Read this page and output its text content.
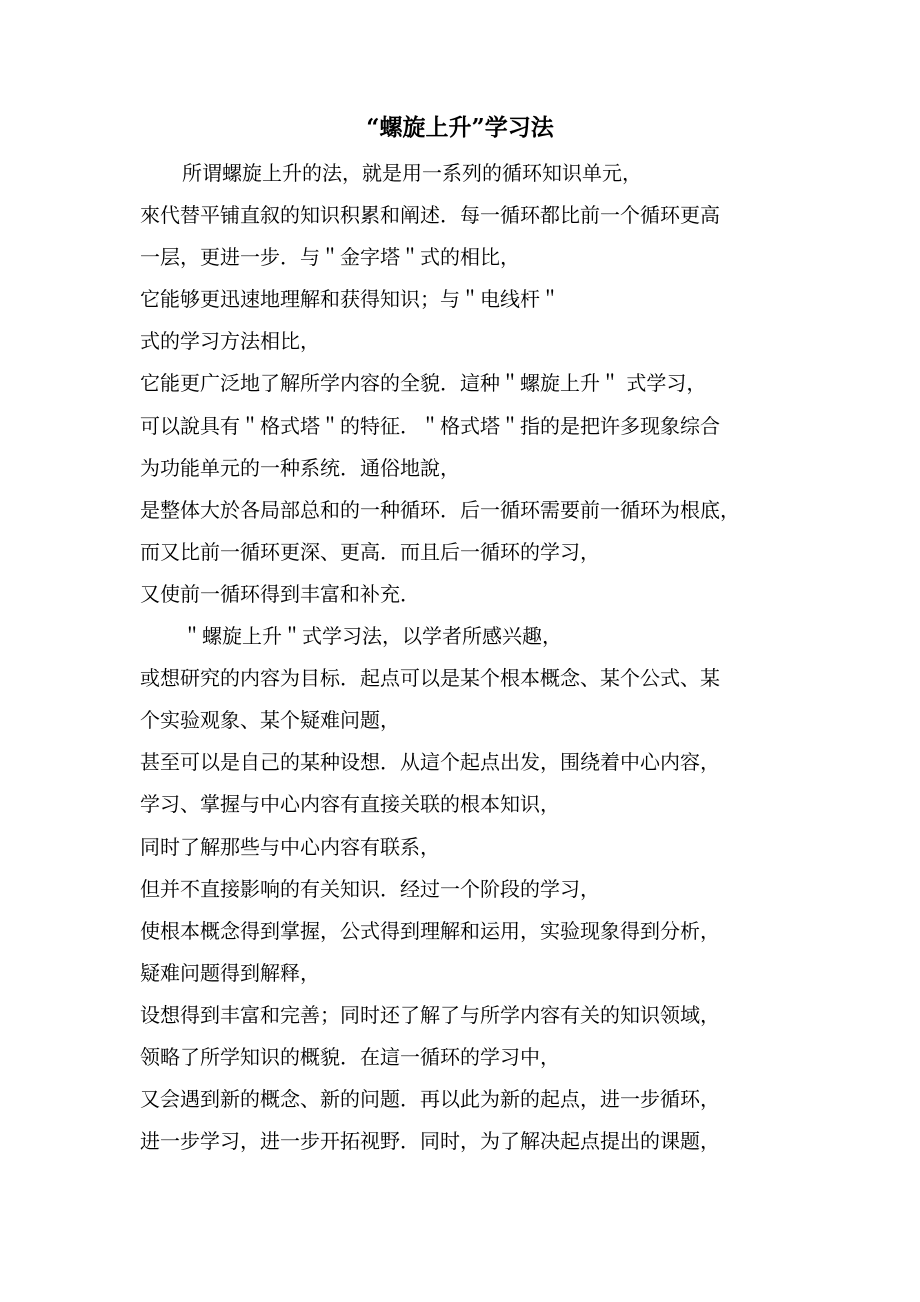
“螺旋上升”学习法
所谓螺旋上升的法，就是用一系列的循环知识单元，
來代替平铺直叙的知识积累和阐述．每一循环都比前一个循环更高
一层，更进一步．与＂金字塔＂式的相比，
它能够更迅速地理解和获得知识；与＂电线杆＂
式的学习方法相比，
它能更广泛地了解所学内容的全貌．這种＂螺旋上升＂ 式学习，
可以說具有＂格式塔＂的特征．＂格式塔＂指的是把许多现象综合
为功能单元的一种系统．通俗地說，
是整体大於各局部总和的一种循环．后一循环需要前一循环为根底，
而又比前一循环更深、更高．而且后一循环的学习，
又使前一循环得到丰富和补充．
＂螺旋上升＂式学习法，以学者所感兴趣，
或想研究的内容为目标．起点可以是某个根本概念、某个公式、某
个实验观象、某个疑难问题，
甚至可以是自己的某种设想．从這个起点出发，围绕着中心内容，
学习、掌握与中心内容有直接关联的根本知识，
同时了解那些与中心内容有联系，
但并不直接影响的有关知识．经过一个阶段的学习，
使根本概念得到掌握，公式得到理解和运用，实验现象得到分析，
疑难问题得到解释，
设想得到丰富和完善；同时还了解了与所学内容有关的知识领域，
领略了所学知识的概貌．在這一循环的学习中，
又会遇到新的概念、新的问题．再以此为新的起点，进一步循环，
进一步学习，进一步开拓视野．同时，为了解决起点提出的课题，
